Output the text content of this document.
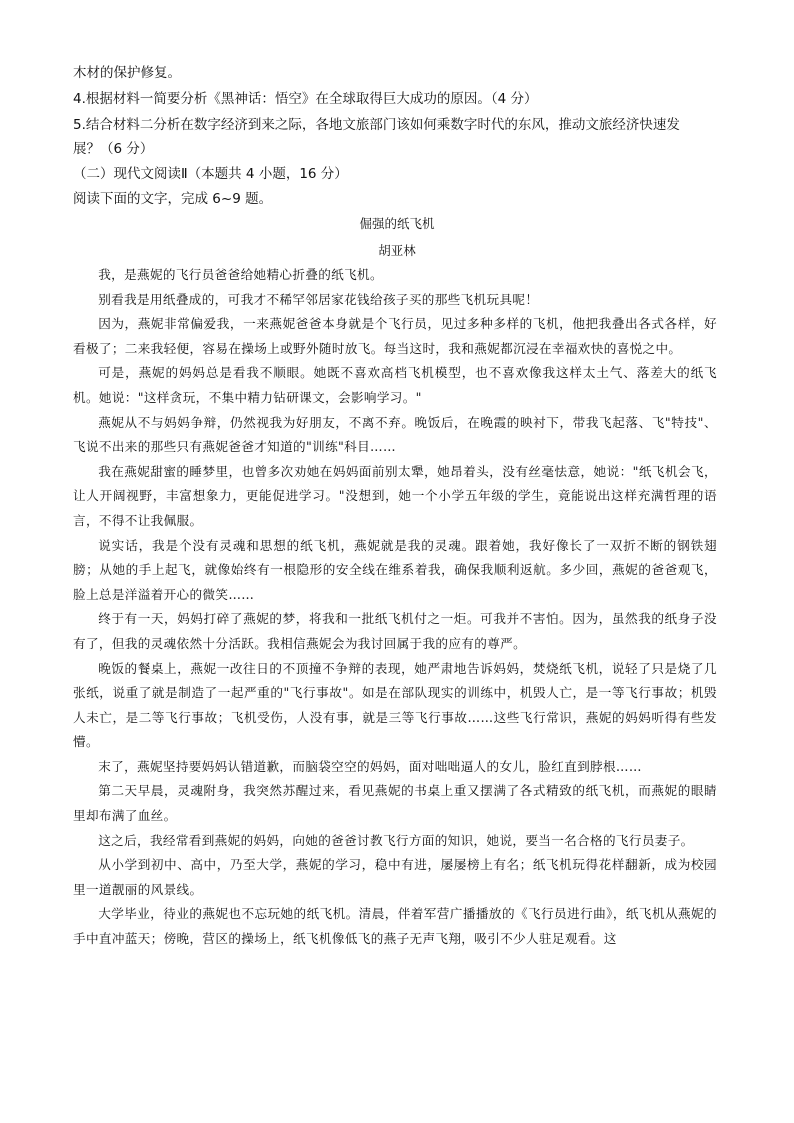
木材的保护修复。
4.根据材料一简要分析《黑神话：悟空》在全球取得巨大成功的原因。（4 分）
5.结合材料二分析在数字经济到来之际，各地文旅部门该如何乘数字时代的东风，推动文旅经济快速发
展？（6 分）
（二）现代文阅读Ⅱ（本题共 4 小题，16 分）
阅读下面的文字，完成 6~9 题。
倔强的纸飞机
胡亚林

我，是燕妮的飞行员爸爸给她精心折叠的纸飞机。

别看我是用纸叠成的，可我才不稀罕邻居家花钱给孩子买的那些飞机玩具呢！

因为，燕妮非常偏爱我，一来燕妮爸爸本身就是个飞行员，见过多种多样的飞机，他把我叠出各式各样，好看极了；二来我轻便，容易在操场上或野外随时放飞。每当这时，我和燕妮都沉浸在幸福欢快的喜悦之中。

可是，燕妮的妈妈总是看我不顺眼。她既不喜欢高档飞机模型，也不喜欢像我这样太土气、落差大的纸飞机。她说："这样贪玩，不集中精力钻研课文，会影响学习。"

燕妮从不与妈妈争辩，仍然视我为好朋友，不离不弃。晚饭后，在晚霞的映衬下，带我飞起落、飞"特技"、飞说不出来的那些只有燕妮爸爸才知道的"训练"科目……

我在燕妮甜蜜的睡梦里，也曾多次劝她在妈妈面前别太犟，她昂着头，没有丝毫怯意，她说："纸飞机会飞，让人开阔视野，丰富想象力，更能促进学习。"没想到，她一个小学五年级的学生，竟能说出这样充满哲理的语言，不得不让我佩服。

说实话，我是个没有灵魂和思想的纸飞机，燕妮就是我的灵魂。跟着她，我好像长了一双折不断的钢铁翅膀；从她的手上起飞，就像始终有一根隐形的安全线在维系着我，确保我顺利返航。多少回，燕妮的爸爸观飞，脸上总是洋溢着开心的微笑……

终于有一天，妈妈打碎了燕妮的梦，将我和一批纸飞机付之一炬。可我并不害怕。因为，虽然我的纸身子没有了，但我的灵魂依然十分活跃。我相信燕妮会为我讨回属于我的应有的尊严。

晚饭的餐桌上，燕妮一改往日的不顶撞不争辩的表现，她严肃地告诉妈妈，焚烧纸飞机，说轻了只是烧了几张纸，说重了就是制造了一起严重的"飞行事故"。如是在部队现实的训练中，机毁人亡，是一等飞行事故；机毁人未亡，是二等飞行事故；飞机受伤，人没有事，就是三等飞行事故……这些飞行常识，燕妮的妈妈听得有些发懵。

末了，燕妮坚持要妈妈认错道歉，而脑袋空空的妈妈，面对咄咄逼人的女儿，脸红直到脖根……

第二天早晨，灵魂附身，我突然苏醒过来，看见燕妮的书桌上重又摆满了各式精致的纸飞机，而燕妮的眼睛里却布满了血丝。

这之后，我经常看到燕妮的妈妈，向她的爸爸讨教飞行方面的知识，她说，要当一名合格的飞行员妻子。

从小学到初中、高中，乃至大学，燕妮的学习，稳中有进，屡屡榜上有名；纸飞机玩得花样翻新，成为校园里一道靓丽的风景线。

大学毕业，待业的燕妮也不忘玩她的纸飞机。清晨，伴着军营广播播放的《飞行员进行曲》，纸飞机从燕妮的手中直冲蓝天；傍晚，营区的操场上，纸飞机像低飞的燕子无声飞翔，吸引不少人驻足观看。这
